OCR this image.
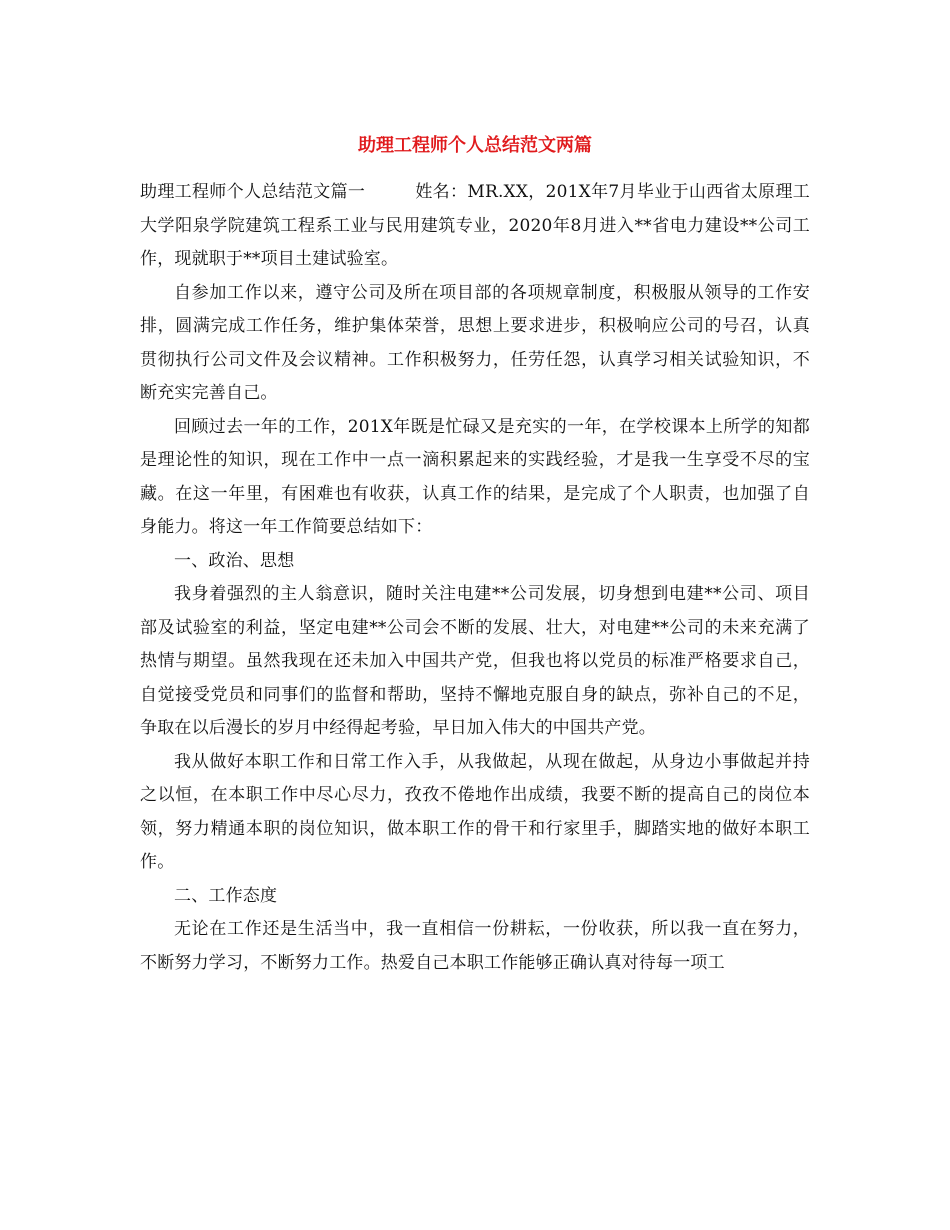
助理工程师个人总结范文两篇

助理工程师个人总结范文篇一	姓名：MR.XX，201X年7月毕业于山西省太原理工大学阳泉学院建筑工程系工业与民用建筑专业，2020年8月进入**省电力建设**公司工作，现就职于**项目土建试验室。

自参加工作以来，遵守公司及所在项目部的各项规章制度，积极服从领导的工作安排，圆满完成工作任务，维护集体荣誉，思想上要求进步，积极响应公司的号召，认真贯彻执行公司文件及会议精神。工作积极努力，任劳任怨，认真学习相关试验知识，不断充实完善自己。

回顾过去一年的工作，201X年既是忙碌又是充实的一年，在学校课本上所学的知都是理论性的知识，现在工作中一点一滴积累起来的实践经验，才是我一生享受不尽的宝藏。在这一年里，有困难也有收获，认真工作的结果，是完成了个人职责，也加强了自身能力。将这一年工作简要总结如下：

一、政治、思想

我身着强烈的主人翁意识，随时关注电建**公司发展，切身想到电建**公司、项目部及试验室的利益，坚定电建**公司会不断的发展、壮大，对电建**公司的未来充满了热情与期望。虽然我现在还未加入中国共产党，但我也将以党员的标准严格要求自己，自觉接受党员和同事们的监督和帮助，坚持不懈地克服自身的缺点，弥补自己的不足，争取在以后漫长的岁月中经得起考验，早日加入伟大的中国共产党。

我从做好本职工作和日常工作入手，从我做起，从现在做起，从身边小事做起并持之以恒，在本职工作中尽心尽力，孜孜不倦地作出成绩，我要不断的提高自己的岗位本领，努力精通本职的岗位知识，做本职工作的骨干和行家里手，脚踏实地的做好本职工作。

二、工作态度

无论在工作还是生活当中，我一直相信一份耕耘，一份收获，所以我一直在努力，不断努力学习，不断努力工作。热爱自己本职工作能够正确认真对待每一项工
